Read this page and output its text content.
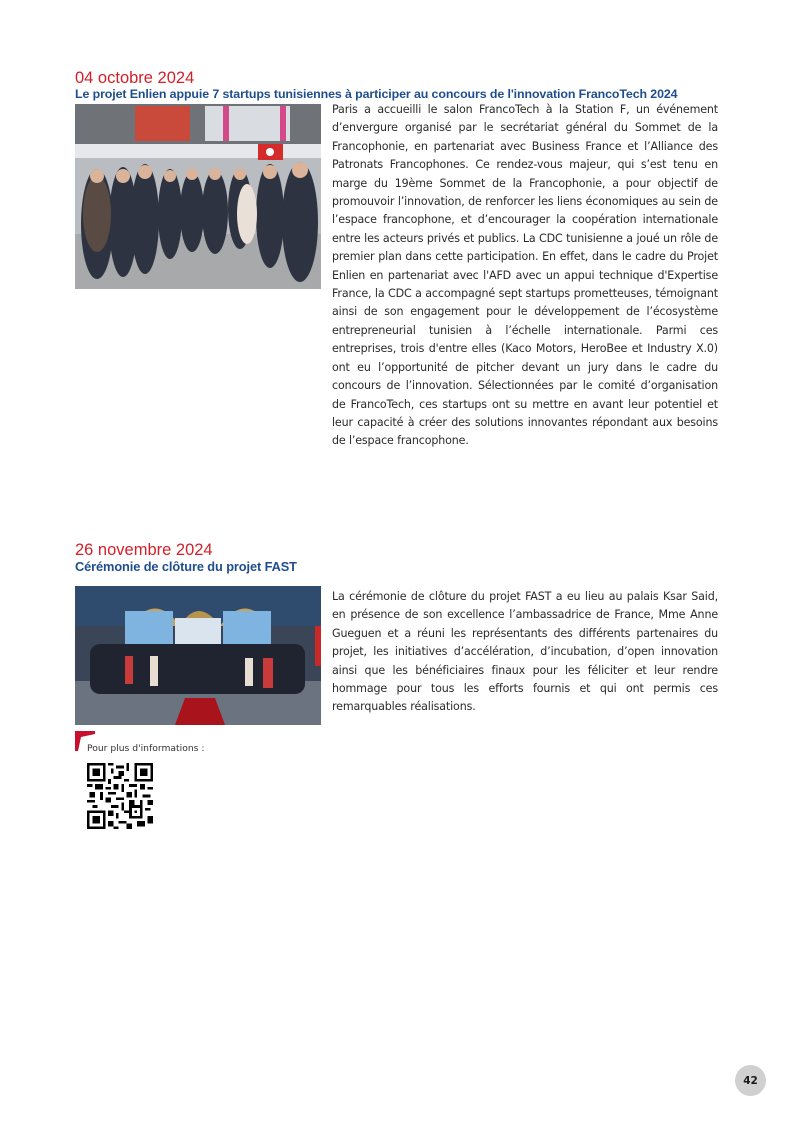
04 octobre 2024

Le projet Enlien appuie 7 startups tunisiennes à participer au concours de l'innovation FrancoTech 2024

Paris a accueilli le salon FrancoTech à la Station F, un événement d’envergure organisé par le secrétariat général du Sommet de la Francophonie, en partenariat avec Business France et l’Alliance des Patronats Francophones. Ce rendez-vous majeur, qui s’est tenu en marge du 19ème Sommet de la Francophonie, a pour objectif de promouvoir l’innovation, de renforcer les liens économiques au sein de l’espace francophone, et d’encourager la coopération internationale entre les acteurs privés et publics. La CDC tunisienne a joué un rôle de premier plan dans cette participation. En effet, dans le cadre du Projet Enlien en partenariat avec l'AFD avec un appui technique d'Expertise France, la CDC a accompagné sept startups prometteuses, témoignant ainsi de son engagement pour le développement de l’écosystème entrepreneurial tunisien à l’échelle internationale. Parmi ces entreprises, trois d'entre elles (Kaco Motors, HeroBee et Industry X.0) ont eu l’opportunité de pitcher devant un jury dans le cadre du concours de l’innovation. Sélectionnées par le comité d’organisation de FrancoTech, ces startups ont su mettre en avant leur potentiel et leur capacité à créer des solutions innovantes répondant aux besoins de l’espace francophone.

26 novembre 2024

Cérémonie de clôture du projet FAST

La cérémonie de clôture du projet FAST a eu lieu au palais Ksar Said, en présence de son excellence l’ambassadrice de France, Mme Anne Gueguen et a réuni les représentants des différents partenaires du projet, les initiatives d’accélération, d’incubation, d’open innovation ainsi que les bénéficiaires finaux pour les féliciter et leur rendre hommage pour tous les efforts fournis et qui ont permis ces remarquables réalisations.

Pour plus d'informations :
42
